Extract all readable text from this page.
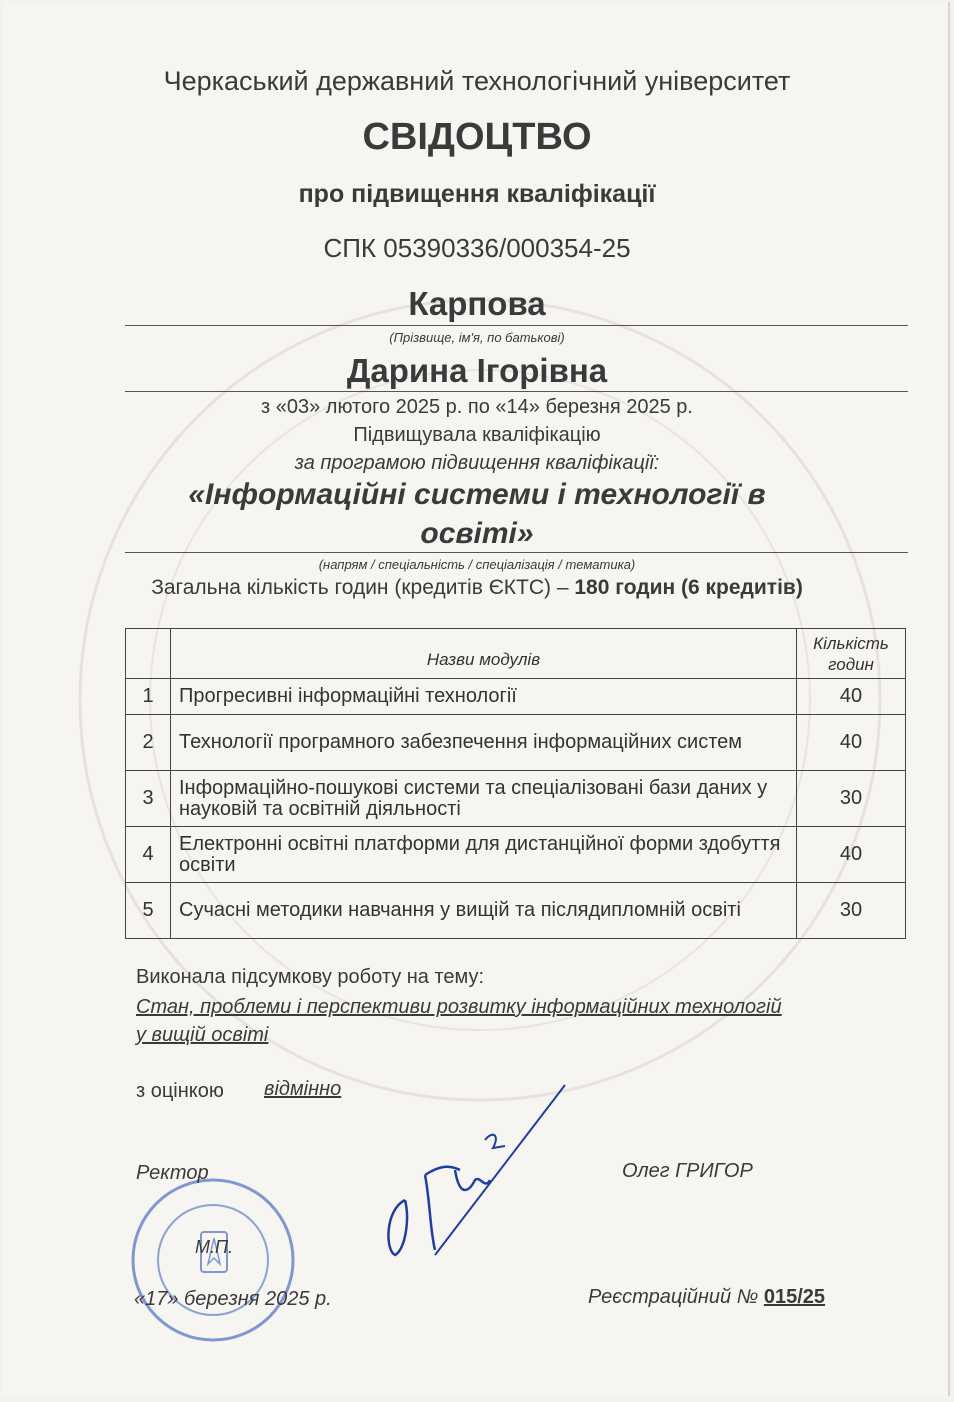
Черкаський державний технологічний університет
СВІДОЦТВО
про підвищення кваліфікації
СПК 05390336/000354-25
Карпова
(Прізвище, ім'я, по батькові)
Дарина Ігорівна
з «03» лютого 2025 р. по «14» березня 2025 р.
Підвищувала кваліфікацію
за програмою підвищення кваліфікації:
«Інформаційні системи і технології в
освіті»
(напрям / спеціальність / спеціалізація / тематика)
Загальна кількість годин (кредитів ЄКТС) – 180 годин (6 кредитів)
	Назви модулів	Кількість годин
1	Прогресивні інформаційні технології	40
2	Технології програмного забезпечення інформаційних систем	40
3	Інформаційно-пошукові системи та спеціалізовані бази даних у науковій та освітній діяльності	30
4	Електронні освітні платформи для дистанційної форми здобуття освіти	40
5	Сучасні методики навчання у вищій та післядипломній освіті	30
Виконала підсумкову роботу на тему:
Стан, проблеми і перспективи розвитку інформаційних технологій
у вищій освіті
з оцінкою відмінно
Ректор	Олег ГРИГОР
М.П.
«17» березня 2025 р.	Реєстраційний № 015/25
